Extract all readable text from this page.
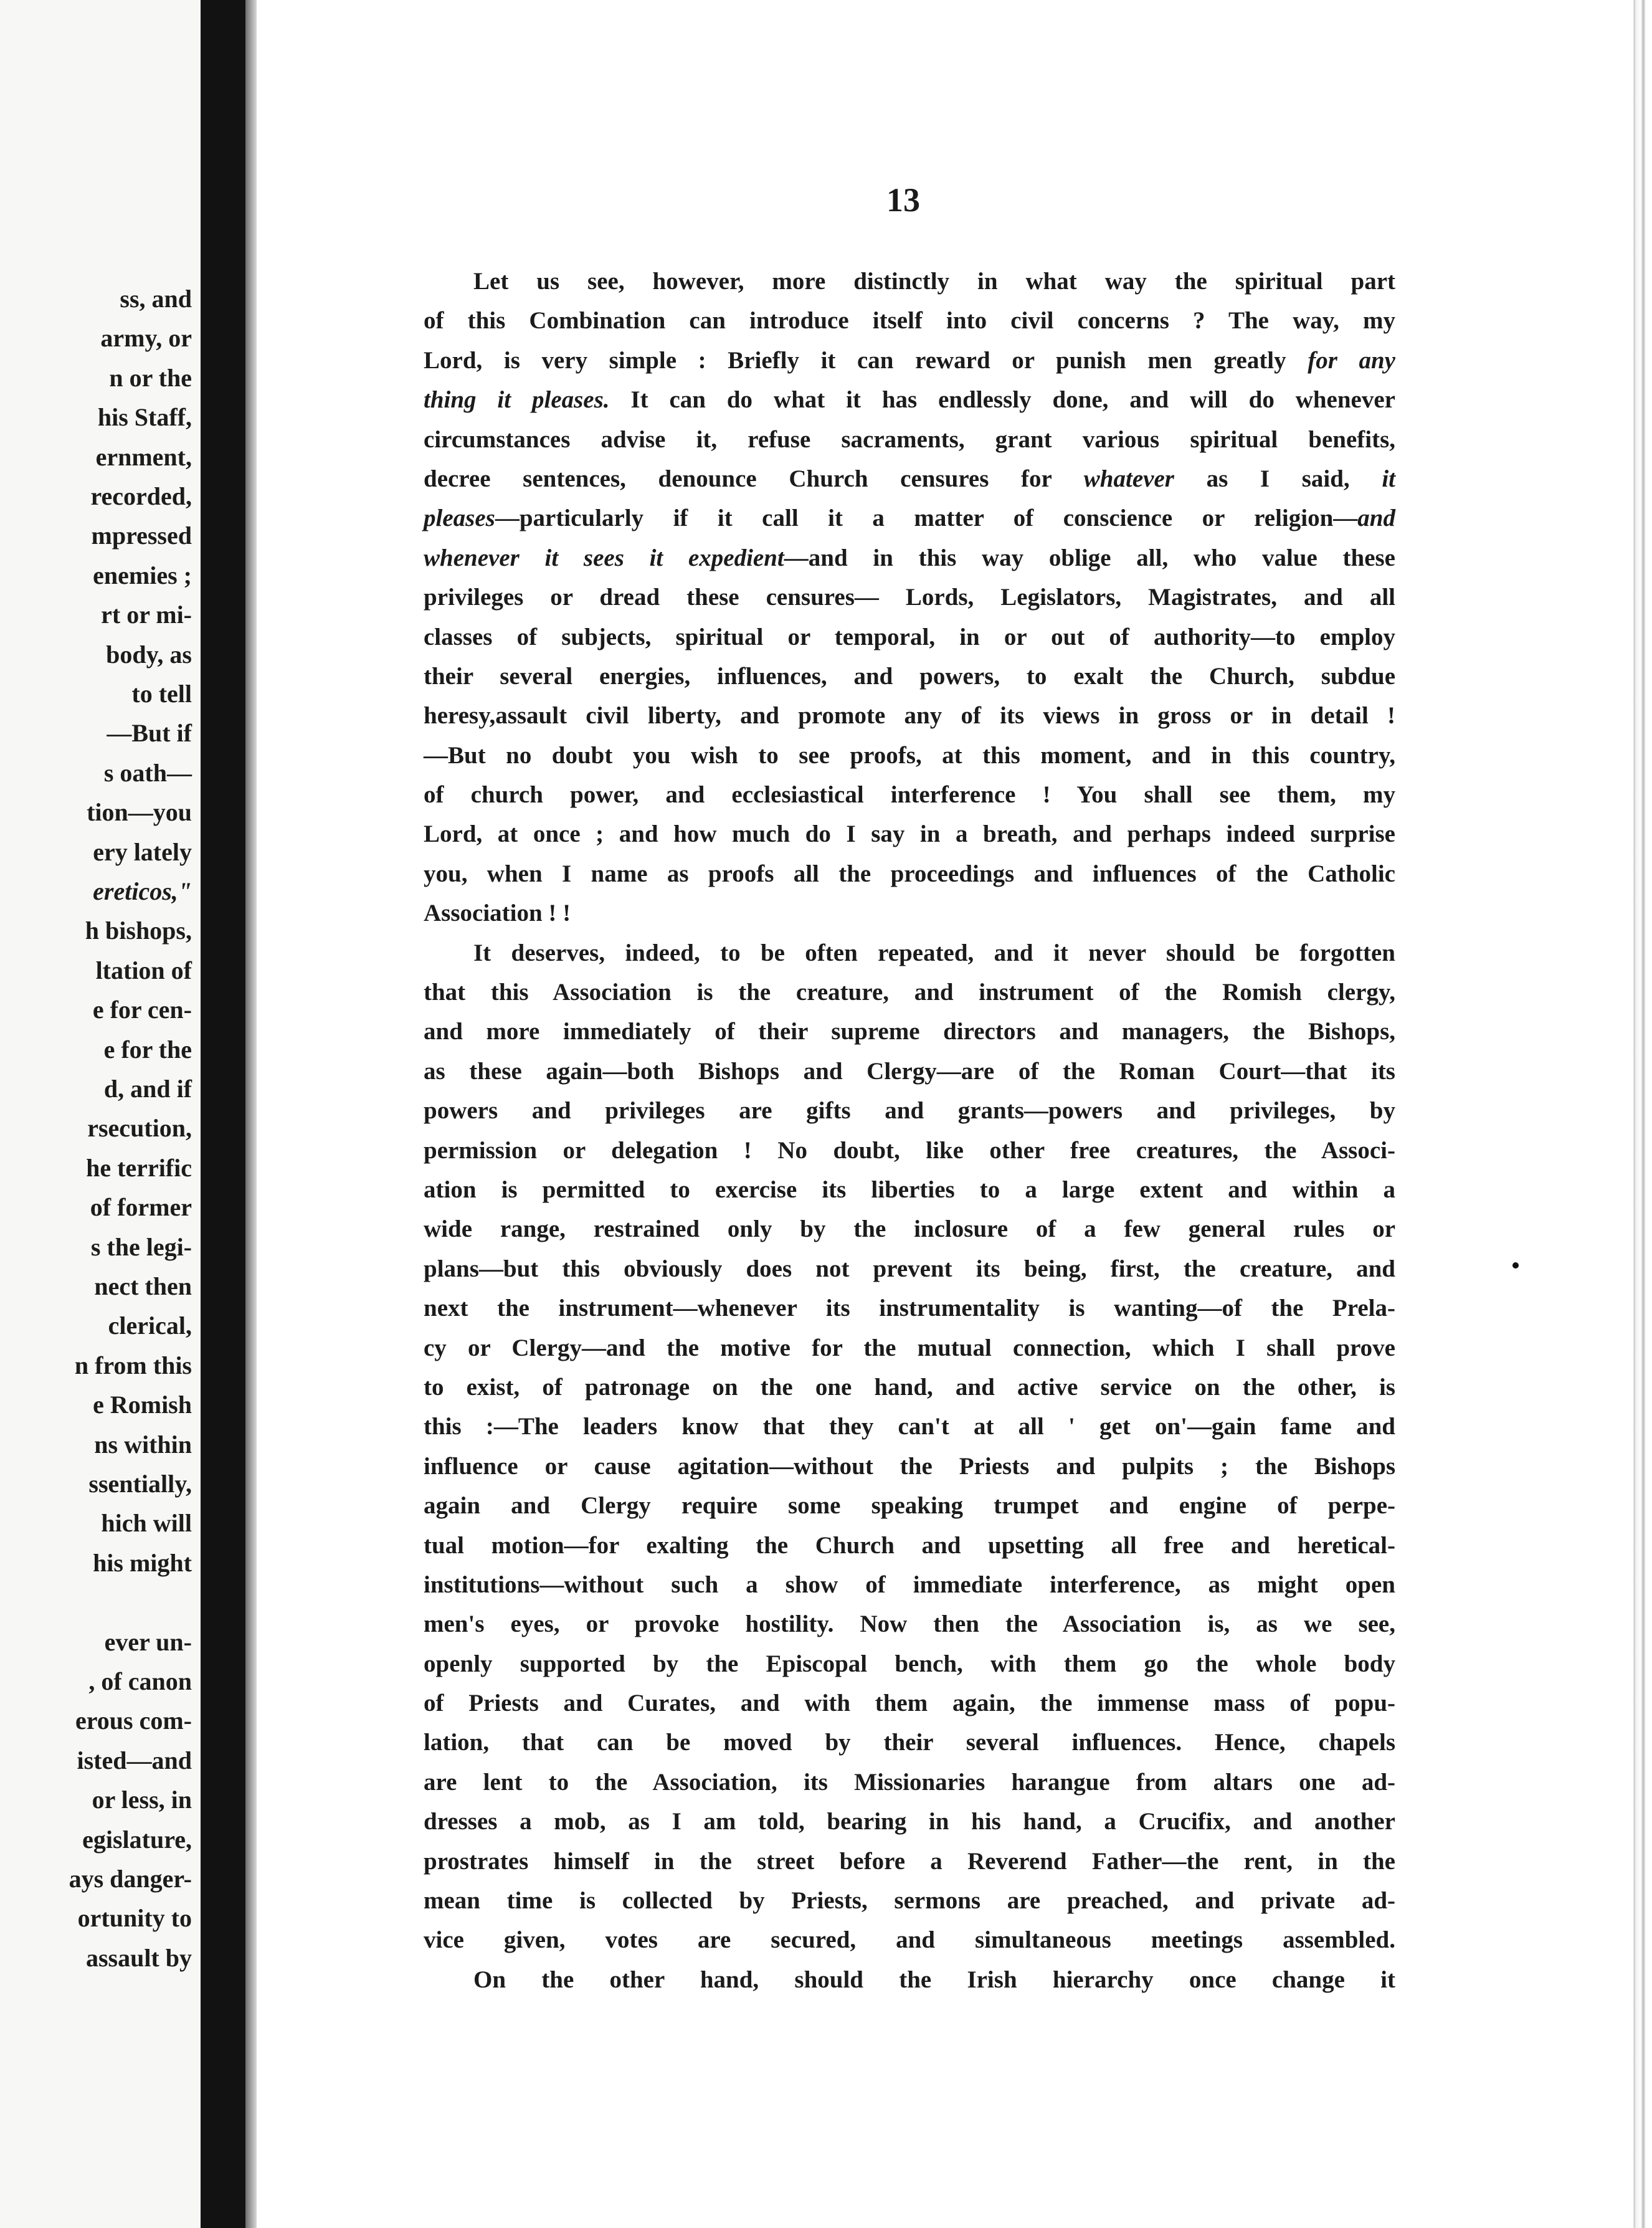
ss, and
army, or
n or the
his Staff,
ernment,
recorded,
mpressed
enemies ;
rt or mi-
body, as
to tell
—But if
s oath—
tion—you
ery lately
ereticos,"
h bishops,
ltation of
e for cen-
e for the
d, and if
rsecution,
he terrific
of former
s the legi-
nect then
clerical,
n from this
e Romish
ns within
ssentially,
hich will
his might
ever un-
, of canon
erous com-
isted—and
or less, in
egislature,
ays danger-
ortunity to
assault by
13
Let us see, however, more distinctly in what way the spiritual part
of this Combination can introduce itself into civil concerns ? The way, my
Lord, is very simple : Briefly it can reward or punish men greatly for any
thing it pleases. It can do what it has endlessly done, and will do whenever
circumstances advise it, refuse sacraments, grant various spiritual benefits,
decree sentences, denounce Church censures for whatever as I said, it
pleases—particularly if it call it a matter of conscience or religion—and
whenever it sees it expedient—and in this way oblige all, who value these
privileges or dread these censures— Lords, Legislators, Magistrates, and all
classes of subjects, spiritual or temporal, in or out of authority—to employ
their several energies, influences, and powers, to exalt the Church, subdue
heresy,assault civil liberty, and promote any of its views in gross or in detail !
—But no doubt you wish to see proofs, at this moment, and in this country,
of church power, and ecclesiastical interference ! You shall see them, my
Lord, at once ; and how much do I say in a breath, and perhaps indeed surprise
you, when I name as proofs all the proceedings and influences of the Catholic
Association ! !
It deserves, indeed, to be often repeated, and it never should be forgotten
that this Association is the creature, and instrument of the Romish clergy,
and more immediately of their supreme directors and managers, the Bishops,
as these again—both Bishops and Clergy—are of the Roman Court—that its
powers and privileges are gifts and grants—powers and privileges, by
permission or delegation ! No doubt, like other free creatures, the Associ-
ation is permitted to exercise its liberties to a large extent and within a
wide range, restrained only by the inclosure of a few general rules or
plans—but this obviously does not prevent its being, first, the creature, and
next the instrument—whenever its instrumentality is wanting—of the Prela-
cy or Clergy—and the motive for the mutual connection, which I shall prove
to exist, of patronage on the one hand, and active service on the other, is
this :—The leaders know that they can't at all ' get on'—gain fame and
influence or cause agitation—without the Priests and pulpits ; the Bishops
again and Clergy require some speaking trumpet and engine of perpe-
tual motion—for exalting the Church and upsetting all free and heretical-
institutions—without such a show of immediate interference, as might open
men's eyes, or provoke hostility. Now then the Association is, as we see,
openly supported by the Episcopal bench, with them go the whole body
of Priests and Curates, and with them again, the immense mass of popu-
lation, that can be moved by their several influences. Hence, chapels
are lent to the Association, its Missionaries harangue from altars one ad-
dresses a mob, as I am told, bearing in his hand, a Crucifix, and another
prostrates himself in the street before a Reverend Father—the rent, in the
mean time is collected by Priests, sermons are preached, and private ad-
vice given, votes are secured, and simultaneous meetings assembled.
On the other hand, should the Irish hierarchy once change it
